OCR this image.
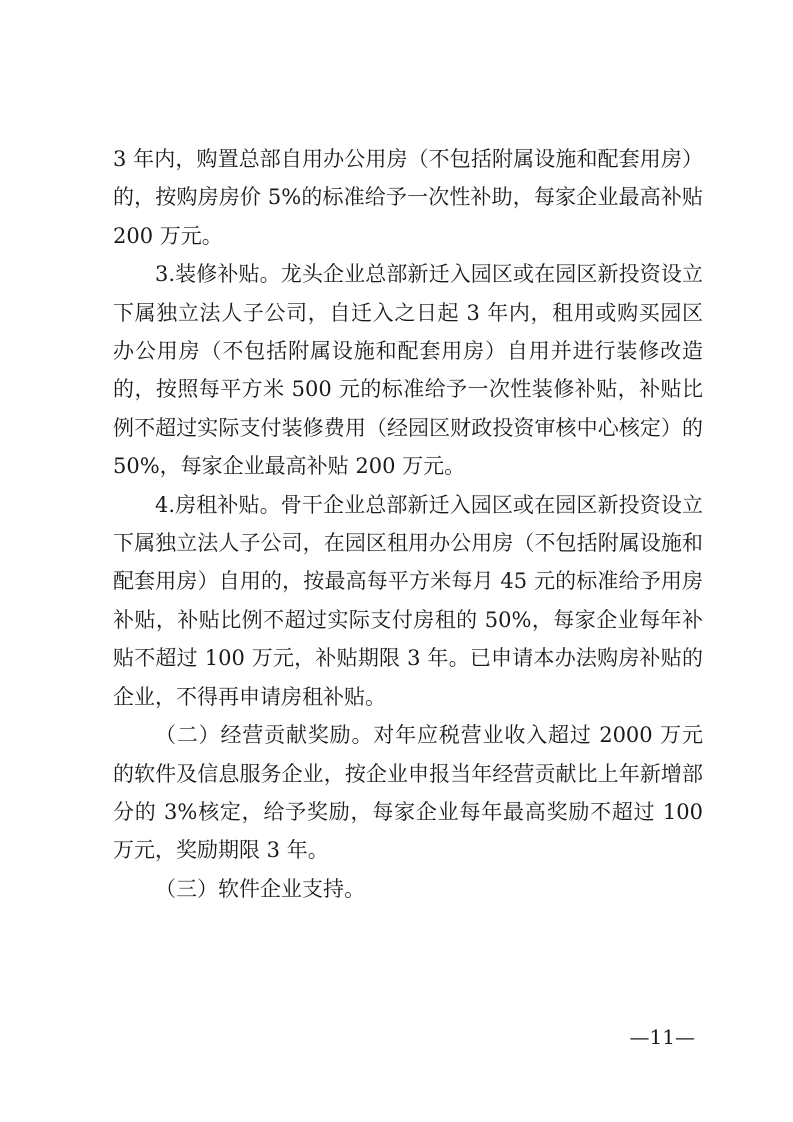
3 年内，购置总部自用办公用房（不包括附属设施和配套用房）的，按购房房价 5%的标准给予一次性补助，每家企业最高补贴 200 万元。

3.装修补贴。龙头企业总部新迁入园区或在园区新投资设立下属独立法人子公司，自迁入之日起 3 年内，租用或购买园区办公用房（不包括附属设施和配套用房）自用并进行装修改造的，按照每平方米 500 元的标准给予一次性装修补贴，补贴比例不超过实际支付装修费用（经园区财政投资审核中心核定）的 50%，每家企业最高补贴 200 万元。

4.房租补贴。骨干企业总部新迁入园区或在园区新投资设立下属独立法人子公司，在园区租用办公用房（不包括附属设施和配套用房）自用的，按最高每平方米每月 45 元的标准给予用房补贴，补贴比例不超过实际支付房租的 50%，每家企业每年补贴不超过 100 万元，补贴期限 3 年。已申请本办法购房补贴的企业，不得再申请房租补贴。

（二）经营贡献奖励。对年应税营业收入超过 2000 万元的软件及信息服务企业，按企业申报当年经营贡献比上年新增部分的 3%核定，给予奖励，每家企业每年最高奖励不超过 100 万元，奖励期限 3 年。

（三）软件企业支持。

—11—
